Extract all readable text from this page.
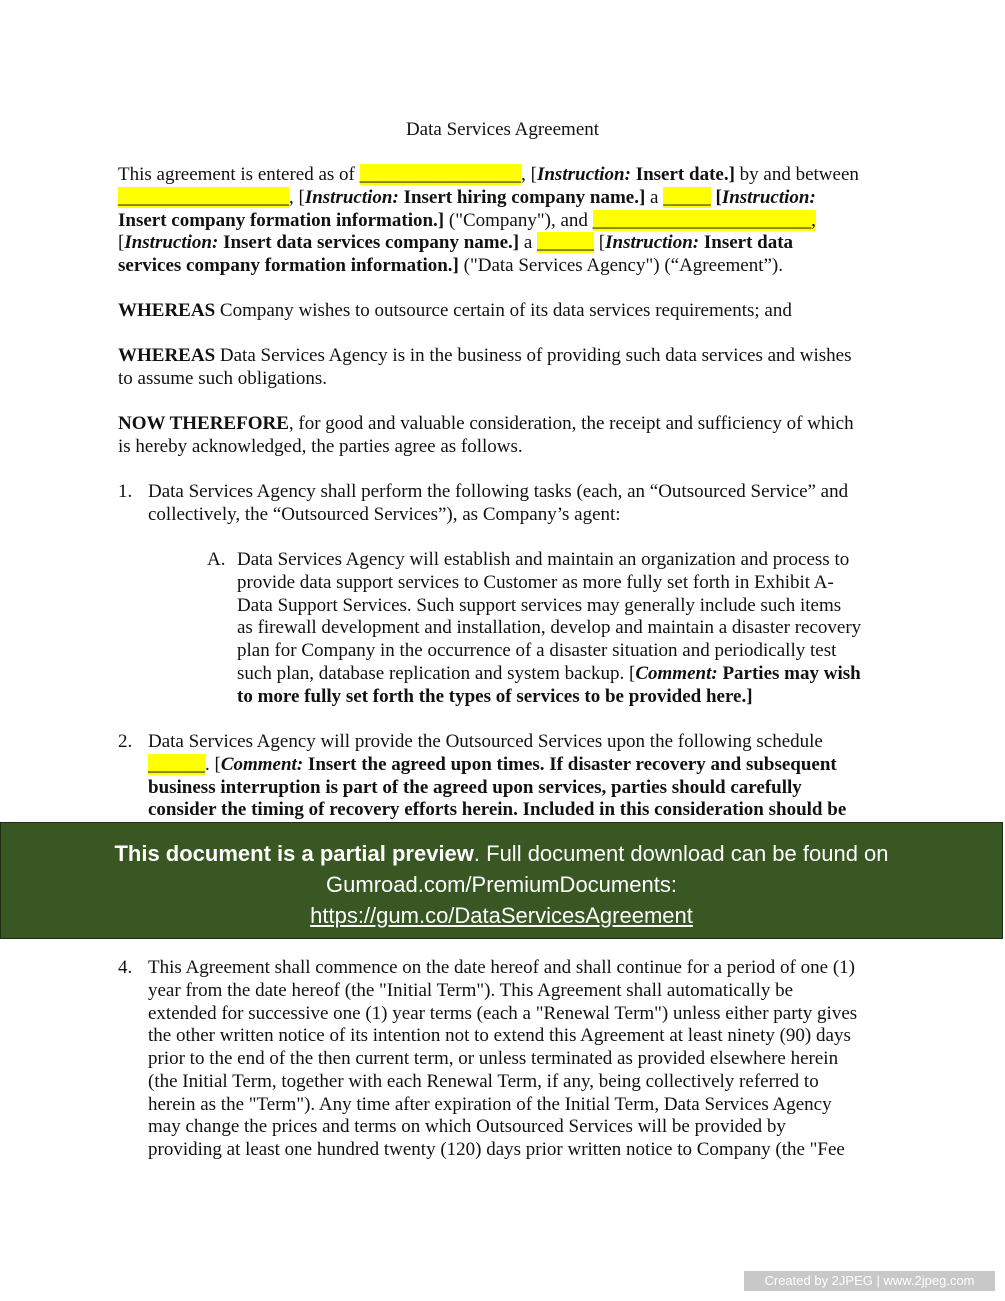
Data Services Agreement
This agreement is entered as of _________________, [Instruction: Insert date.] by and between
__________________, [Instruction: Insert hiring company name.] a _____ [Instruction:
Insert company formation information.] ("Company"), and _______________________,
[Instruction: Insert data services company name.] a ______ [Instruction: Insert data
services company formation information.] ("Data Services Agency") (“Agreement”).
WHEREAS Company wishes to outsource certain of its data services requirements; and
WHEREAS Data Services Agency is in the business of providing such data services and wishes
to assume such obligations.
NOW THEREFORE, for good and valuable consideration, the receipt and sufficiency of which
is hereby acknowledged, the parties agree as follows.
1. Data Services Agency shall perform the following tasks (each, an “Outsourced Service” and
collectively, the “Outsourced Services”), as Company’s agent:
A. Data Services Agency will establish and maintain an organization and process to
provide data support services to Customer as more fully set forth in Exhibit A-
Data Support Services. Such support services may generally include such items
as firewall development and installation, develop and maintain a disaster recovery
plan for Company in the occurrence of a disaster situation and periodically test
such plan, database replication and system backup. [Comment: Parties may wish
to more fully set forth the types of services to be provided here.]
2. Data Services Agency will provide the Outsourced Services upon the following schedule
______. [Comment: Insert the agreed upon times. If disaster recovery and subsequent
business interruption is part of the agreed upon services, parties should carefully
consider the timing of recovery efforts herein. Included in this consideration should be
This document is a partial preview. Full document download can be found on
Gumroad.com/PremiumDocuments:
https://gum.co/DataServicesAgreement
4. This Agreement shall commence on the date hereof and shall continue for a period of one (1)
year from the date hereof (the "Initial Term"). This Agreement shall automatically be
extended for successive one (1) year terms (each a "Renewal Term") unless either party gives
the other written notice of its intention not to extend this Agreement at least ninety (90) days
prior to the end of the then current term, or unless terminated as provided elsewhere herein
(the Initial Term, together with each Renewal Term, if any, being collectively referred to
herein as the "Term"). Any time after expiration of the Initial Term, Data Services Agency
may change the prices and terms on which Outsourced Services will be provided by
providing at least one hundred twenty (120) days prior written notice to Company (the "Fee
Created by 2JPEG | www.2jpeg.com
